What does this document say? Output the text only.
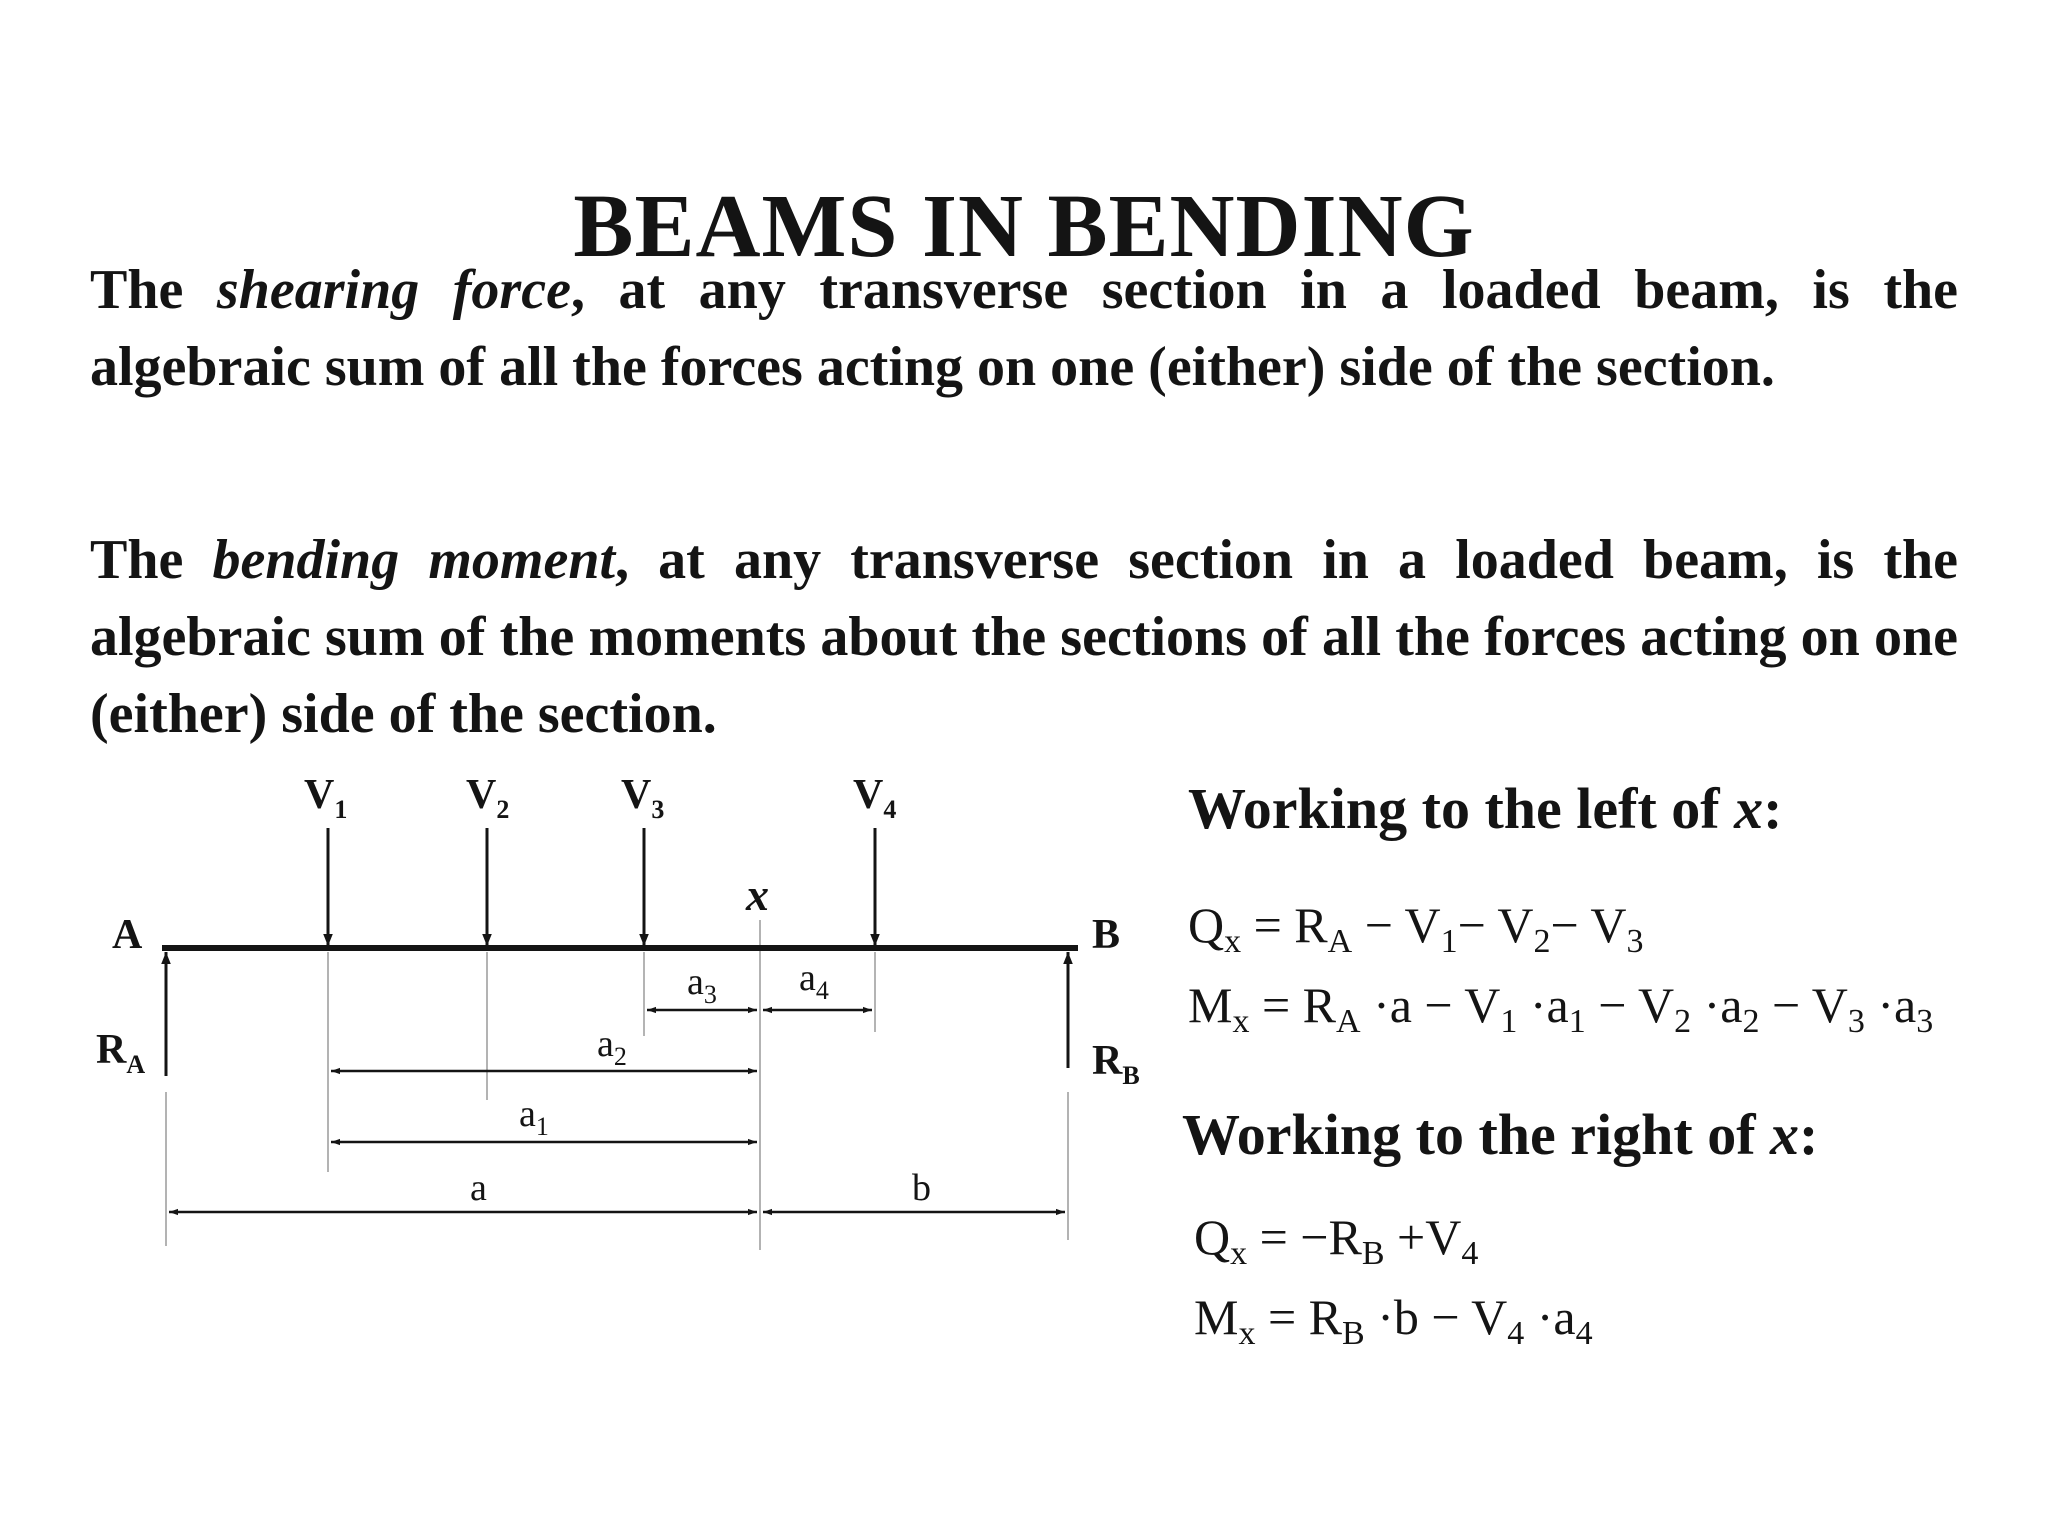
BEAMS IN BENDING

The shearing force, at any transverse section in a loaded beam, is the algebraic sum of all the forces acting on one (either) side of the section.

The bending moment, at any transverse section in a loaded beam, is the algebraic sum of the moments about the sections of all the forces acting on one (either) side of the section.

A	B
x
RA	RB
V1	V2	V3	V4
a3 a4
a2
a1
a	b
Working to the left of x:
$Q_x = R_A - V_1- V_2- V_3$
$M_x = R_A \cdot a - V_1 \cdot a_1 - V_2 \cdot a_2 - V_3 \cdot a_3$
Working to the right of x:
$Q_x = -R_B +V_4$
$M_x = R_B \cdot b - V_4 \cdot a_4$
